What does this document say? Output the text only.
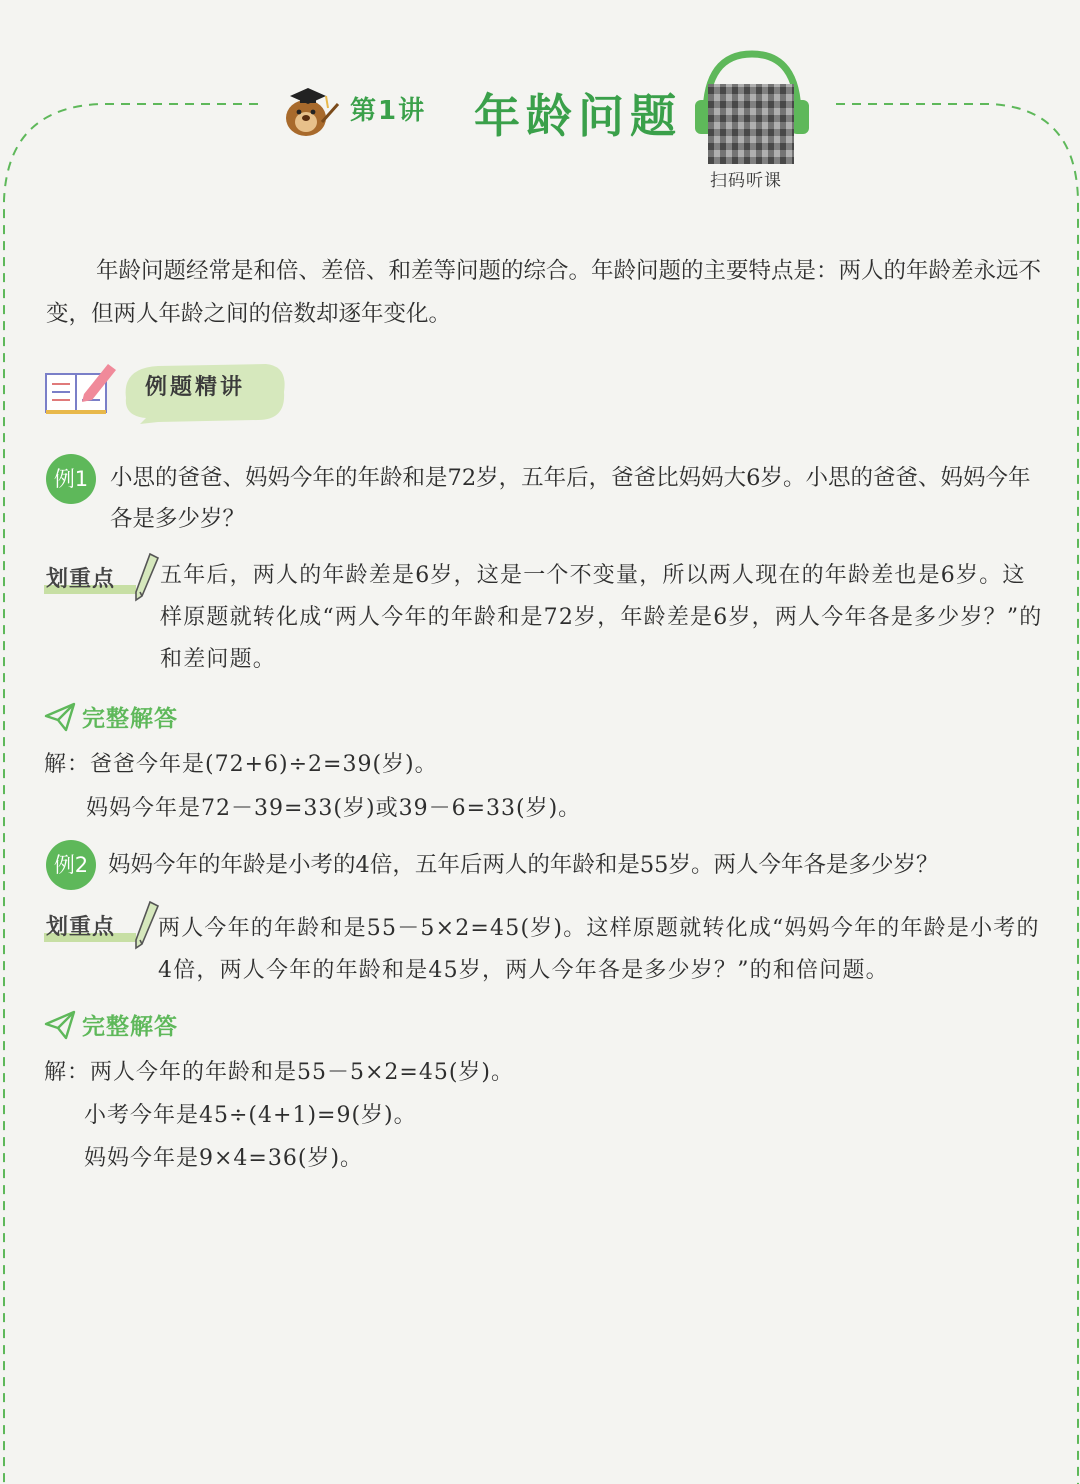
第1讲 年龄问题
扫码听课
年龄问题经常是和倍、差倍、和差等问题的综合。年龄问题的主要特点是：两人的年龄差永远不变，但两人年龄之间的倍数却逐年变化。
例题精讲
例1 小思的爸爸、妈妈今年的年龄和是72岁，五年后，爸爸比妈妈大6岁。小思的爸爸、妈妈今年各是多少岁？
划重点 五年后，两人的年龄差是6岁，这是一个不变量，所以两人现在的年龄差也是6岁。这样原题就转化成“两人今年的年龄和是72岁，年龄差是6岁，两人今年各是多少岁？”的和差问题。
完整解答
解：爸爸今年是(72+6)÷2=39(岁)。
妈妈今年是72－39=33(岁)或39－6=33(岁)。
例2 妈妈今年的年龄是小考的4倍，五年后两人的年龄和是55岁。两人今年各是多少岁？
划重点 两人今年的年龄和是55－5×2=45(岁)。这样原题就转化成“妈妈今年的年龄是小考的4倍，两人今年的年龄和是45岁，两人今年各是多少岁？”的和倍问题。
完整解答
解：两人今年的年龄和是55－5×2=45(岁)。
小考今年是45÷(4+1)=9(岁)。
妈妈今年是9×4=36(岁)。
